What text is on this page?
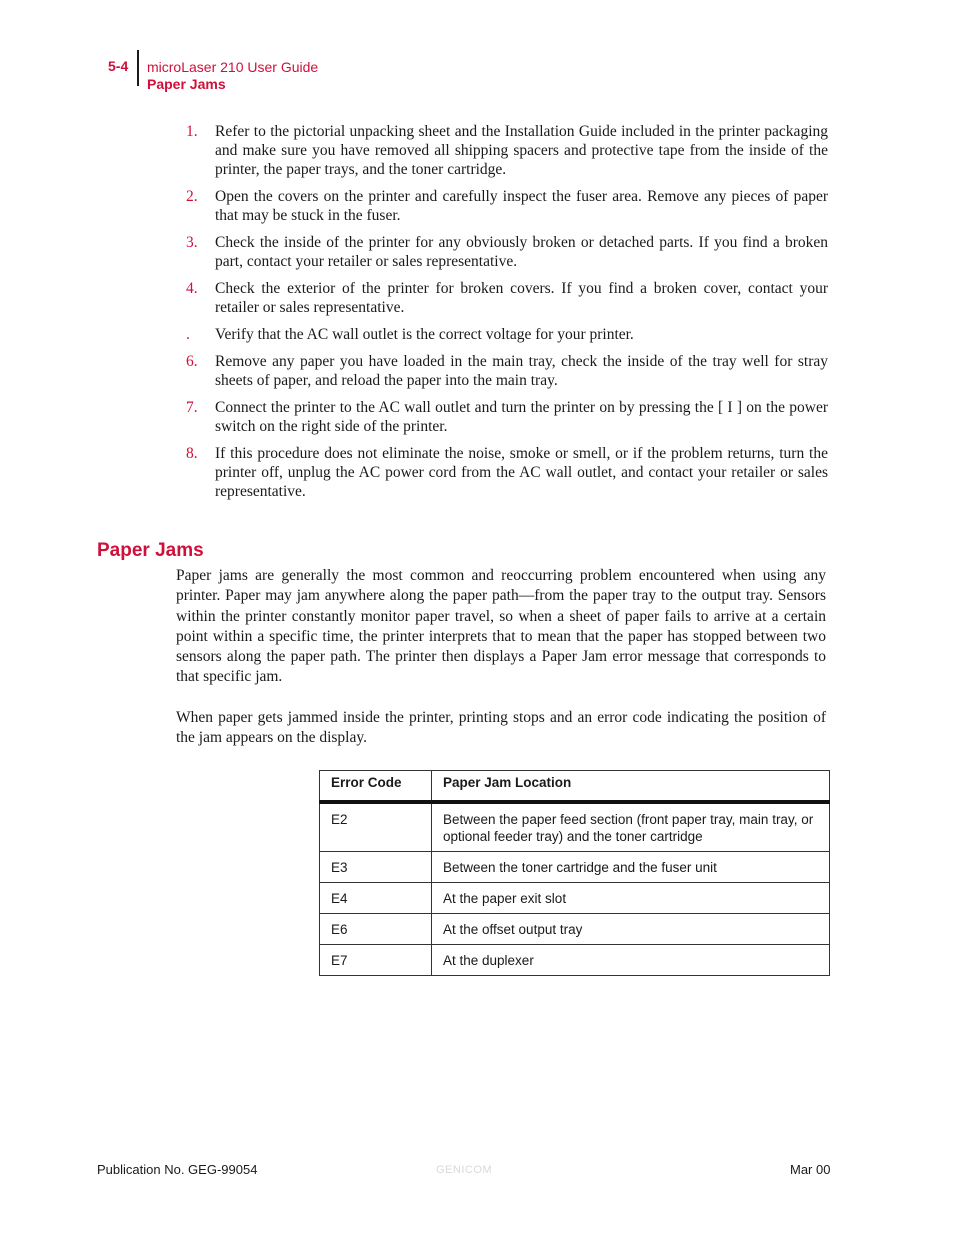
5-4 microLaser 210 User Guide
Paper Jams
1.	Refer to the pictorial unpacking sheet and the Installation Guide included in the printer packaging and make sure you have removed all shipping spacers and protective tape from the inside of the printer, the paper trays, and the toner cartridge.
2.	Open the covers on the printer and carefully inspect the fuser area. Remove any pieces of paper that may be stuck in the fuser.
3.	Check the inside of the printer for any obviously broken or detached parts. If you find a broken part, contact your retailer or sales representative.
4.	Check the exterior of the printer for broken covers. If you find a broken cover, contact your retailer or sales representative.
.	Verify that the AC wall outlet is the correct voltage for your printer.
6.	Remove any paper you have loaded in the main tray, check the inside of the tray well for stray sheets of paper, and reload the paper into the main tray.
7.	Connect the printer to the AC wall outlet and turn the printer on by pressing the [ I ] on the power switch on the right side of the printer.
8.	If this procedure does not eliminate the noise, smoke or smell, or if the problem returns, turn the printer off, unplug the AC power cord from the AC wall outlet, and contact your retailer or sales representative.
Paper Jams

Paper jams are generally the most common and reoccurring problem encountered when using any printer. Paper may jam anywhere along the paper path—from the paper tray to the output tray. Sensors within the printer constantly monitor paper travel, so when a sheet of paper fails to arrive at a certain point within a specific time, the printer interprets that to mean that the paper has stopped between two sensors along the paper path. The printer then displays a Paper Jam error message that corresponds to that specific jam.

When paper gets jammed inside the printer, printing stops and an error code indicating the position of the jam appears on the display.

Error Code	Paper Jam Location
E2	Between the paper feed section (front paper tray, main tray, or optional feeder tray) and the toner cartridge
E3	Between the toner cartridge and the fuser unit
E4	At the paper exit slot
E6	At the offset output tray
E7	At the duplexer
Publication No. GEG-99054	GENICOM	Mar 00
